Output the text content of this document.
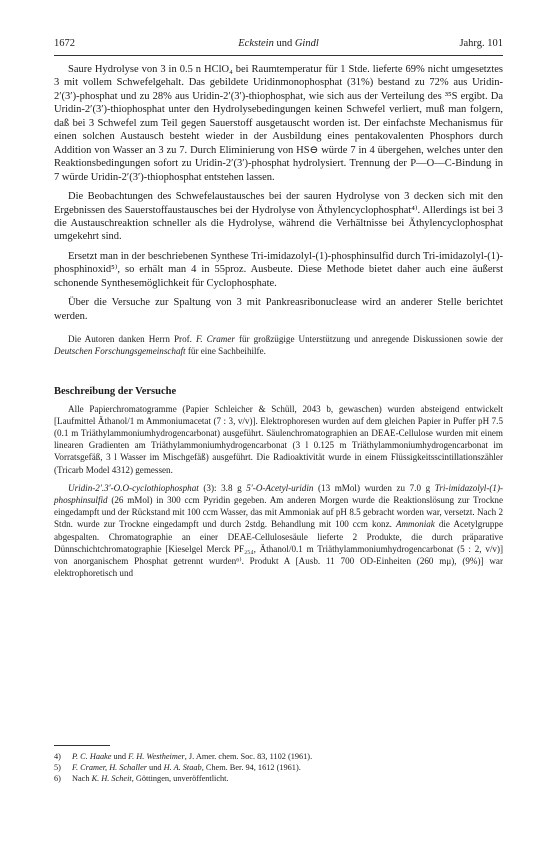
1672	Eckstein und Gindl	Jahrg. 101

Saure Hydrolyse von 3 in 0.5 n HClO₄ bei Raumtemperatur für 1 Stde. lieferte 69% nicht umgesetztes 3 mit vollem Schwefelgehalt. Das gebildete Uridinmonophosphat (31%) bestand zu 72% aus Uridin-2′(3′)-phosphat und zu 28% aus Uridin-2′(3′)-thiophosphat, wie sich aus der Verteilung des ³⁵S ergibt. Da Uridin-2′(3′)-thiophosphat unter den Hydrolysebedingungen keinen Schwefel verliert, muß man folgern, daß bei 3 Schwefel zum Teil gegen Sauerstoff ausgetauscht worden ist. Der einfachste Mechanismus für einen solchen Austausch besteht wieder in der Ausbildung eines pentakovalenten Phosphors durch Addition von Wasser an 3 zu 7. Durch Eliminierung von HS⊖ würde 7 in 4 übergehen, welches unter den Reaktionsbedingungen sofort zu Uridin-2′(3′)-phosphat hydrolysiert. Trennung der P—O—C-Bindung in 7 würde Uridin-2′(3′)-thiophosphat entstehen lassen.

Die Beobachtungen des Schwefelaustausches bei der sauren Hydrolyse von 3 decken sich mit den Ergebnissen des Sauerstoffaustausches bei der Hydrolyse von Äthylencyclophosphat⁴⁾. Allerdings ist bei 3 die Austauschreaktion schneller als die Hydrolyse, während die Verhältnisse bei Äthylencyclophosphat umgekehrt sind.

Ersetzt man in der beschriebenen Synthese Tri-imidazolyl-(1)-phosphinsulfid durch Tri-imidazolyl-(1)-phosphinoxid⁵⁾, so erhält man 4 in 55proz. Ausbeute. Diese Methode bietet daher auch eine äußerst schonende Synthesemöglichkeit für Cyclophosphate.

Über die Versuche zur Spaltung von 3 mit Pankreasribonuclease wird an anderer Stelle berichtet werden.

Die Autoren danken Herrn Prof. F. Cramer für großzügige Unterstützung und anregende Diskussionen sowie der Deutschen Forschungsgemeinschaft für eine Sachbeihilfe.

Beschreibung der Versuche

Alle Papierchromatogramme (Papier Schleicher & Schüll, 2043 b, gewaschen) wurden absteigend entwickelt [Laufmittel Äthanol/1 m Ammoniumacetat (7 : 3, v/v)]. Elektrophoresen wurden auf dem gleichen Papier in Puffer pH 7.5 (0.1 m Triäthylammoniumhydrogencarbonat) ausgeführt. Säulenchromatographien an DEAE-Cellulose wurden mit einem linearen Gradienten am Triäthylammoniumhydrogencarbonat (3 l 0.125 m Triäthylammoniumhydrogencarbonat im Vorratsgefäß, 3 l Wasser im Mischgefäß) ausgeführt. Die Radioaktivität wurde in einem Flüssigkeitsscintillationszähler (Tricarb Model 4312) gemessen.

Uridin-2′.3′-O.O-cyclothiophosphat (3): 3.8 g 5′-O-Acetyl-uridin (13 mMol) wurden zu 7.0 g Tri-imidazolyl-(1)-phosphinsulfid (26 mMol) in 300 ccm Pyridin gegeben. Am anderen Morgen wurde die Reaktionslösung zur Trockne eingedampft und der Rückstand mit 100 ccm Wasser, das mit Ammoniak auf pH 8.5 gebracht worden war, versetzt. Nach 2 Stdn. wurde zur Trockne eingedampft und durch 2stdg. Behandlung mit 100 ccm konz. Ammoniak die Acetylgruppe abgespalten. Chromatographie an einer DEAE-Cellulosesäule lieferte 2 Produkte, die durch präparative Dünnschichtchromatographie [Kieselgel Merck PF₂₅₄, Äthanol/0.1 m Triäthylammoniumhydrogencarbonat (5 : 2, v/v)] von anorganischem Phosphat getrennt wurden⁶⁾. Produkt A [Ausb. 11 700 OD-Einheiten (260 mμ), (9%)] war elektrophoretisch und

4) P. C. Haake und F. H. Westheimer, J. Amer. chem. Soc. 83, 1102 (1961).
5) F. Cramer, H. Schaller und H. A. Staab, Chem. Ber. 94, 1612 (1961).
6) Nach K. H. Scheit, Göttingen, unveröffentlicht.
